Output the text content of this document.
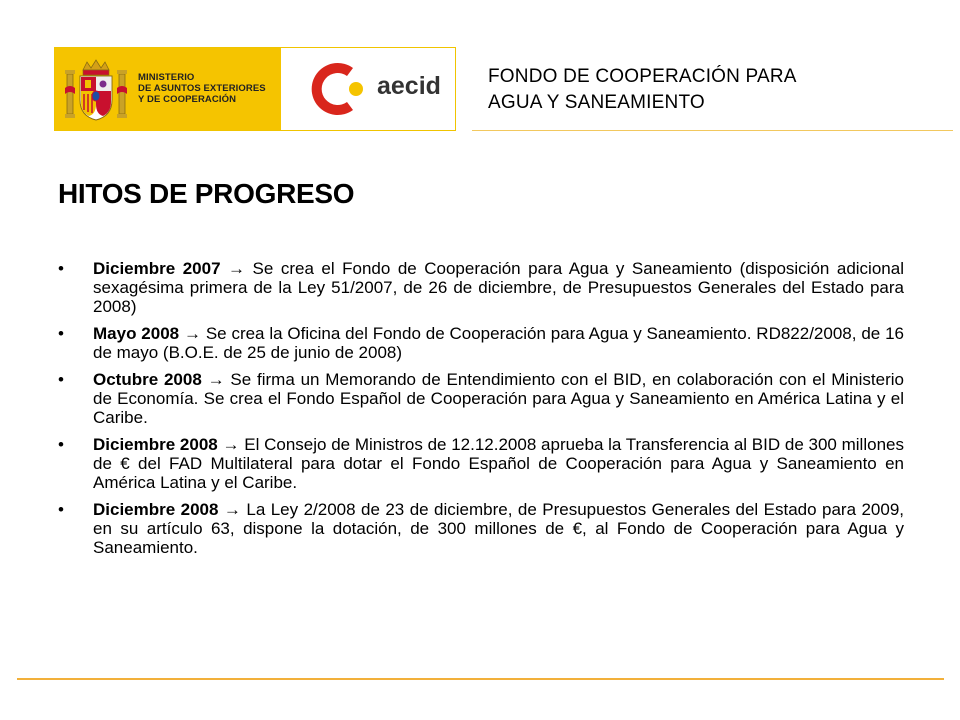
MINISTERIO
DE ASUNTOS EXTERIORES
Y DE COOPERACIÓN	aecid FONDO DE COOPERACIÓN PARA
AGUA Y SANEAMIENTO
HITOS DE PROGRESO
•	Diciembre 2007 → Se crea el Fondo de Cooperación para Agua y Saneamiento (disposición adicional sexagésima primera de la Ley 51/2007, de 26 de diciembre, de Presupuestos Generales del Estado para 2008)
•	Mayo 2008 → Se crea la Oficina del Fondo de Cooperación para Agua y Saneamiento. RD822/2008, de 16 de mayo (B.O.E. de 25 de junio de 2008)
•	Octubre 2008 → Se firma un Memorando de Entendimiento con el BID, en colaboración con el Ministerio de Economía. Se crea el Fondo Español de Cooperación para Agua y Saneamiento en América Latina y el Caribe.
•	Diciembre 2008 → El Consejo de Ministros de 12.12.2008 aprueba la Transferencia al BID de 300 millones de € del FAD Multilateral para dotar el Fondo Español de Cooperación para Agua y Saneamiento en América Latina y el Caribe.
•	Diciembre 2008 → La Ley 2/2008 de 23 de diciembre, de Presupuestos Generales del Estado para 2009, en su artículo 63, dispone la dotación, de 300 millones de €, al Fondo de Cooperación para Agua y Saneamiento.
